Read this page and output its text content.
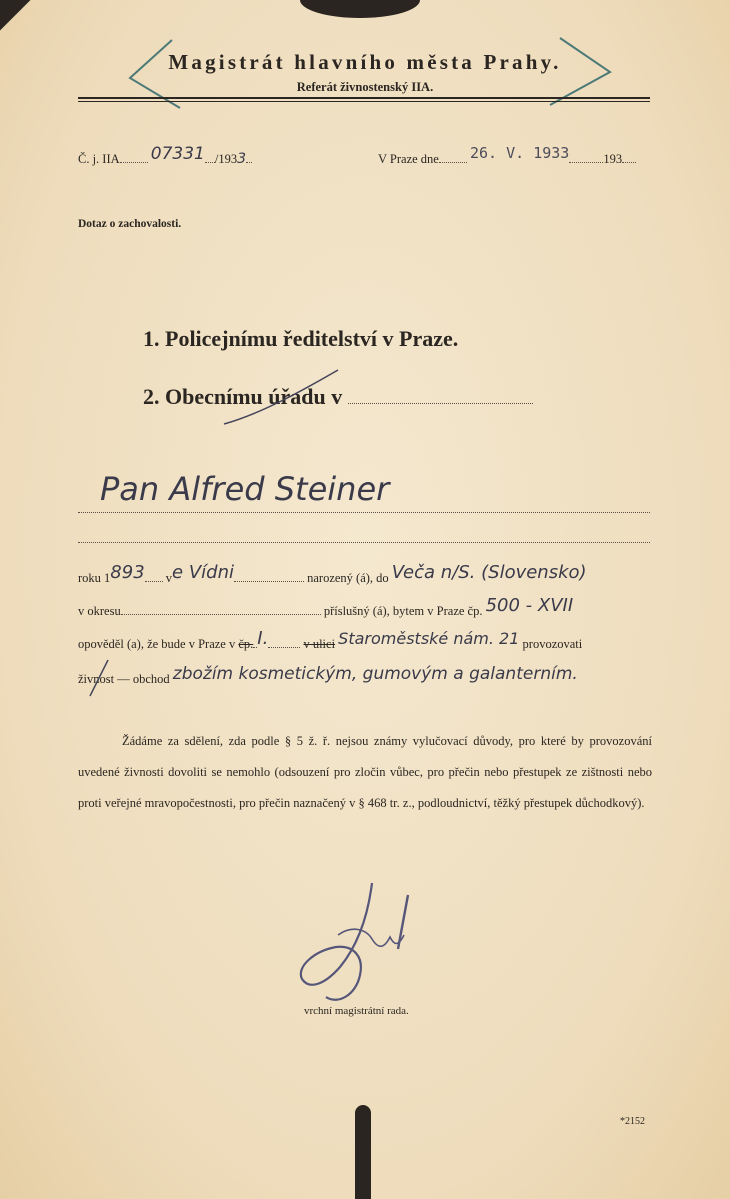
Magistrát hlavního města Prahy.
Referát živnostenský IIA.
Č. j. IIA 07331 /1933	V Praze dne 26. V. 1933	193
Dotaz o zachovalosti.
1. Policejnímu ředitelství v Praze.
2. Obecnímu úřadu v
Pan Alfred Steiner
roku 1893 ve Vídni	narozený (á), do Veča n/S. (Slovensko)
v okresu	příslušný (á), bytem v Praze čp. 500 - XVII
opověděl (a), že bude v Praze v čp. I.	v ulici Staroměstské nám. 21 provozovati
živnost — obchod zbožím kosmetickým, gumovým a galanterním.
Žádáme za sdělení, zda podle § 5 ž. ř. nejsou známy vylučovací důvody, pro které by provozování uvedené živnosti dovoliti se nemohlo (odsouzení pro zločin vůbec, pro přečin nebo přestupek ze zištnosti nebo proti veřejné mravopočestnosti, pro přečin naznačený v § 468 tr. z., podloudnictví, těžký přestupek důchodkový).
vrchní magistrátní rada.
*2152
